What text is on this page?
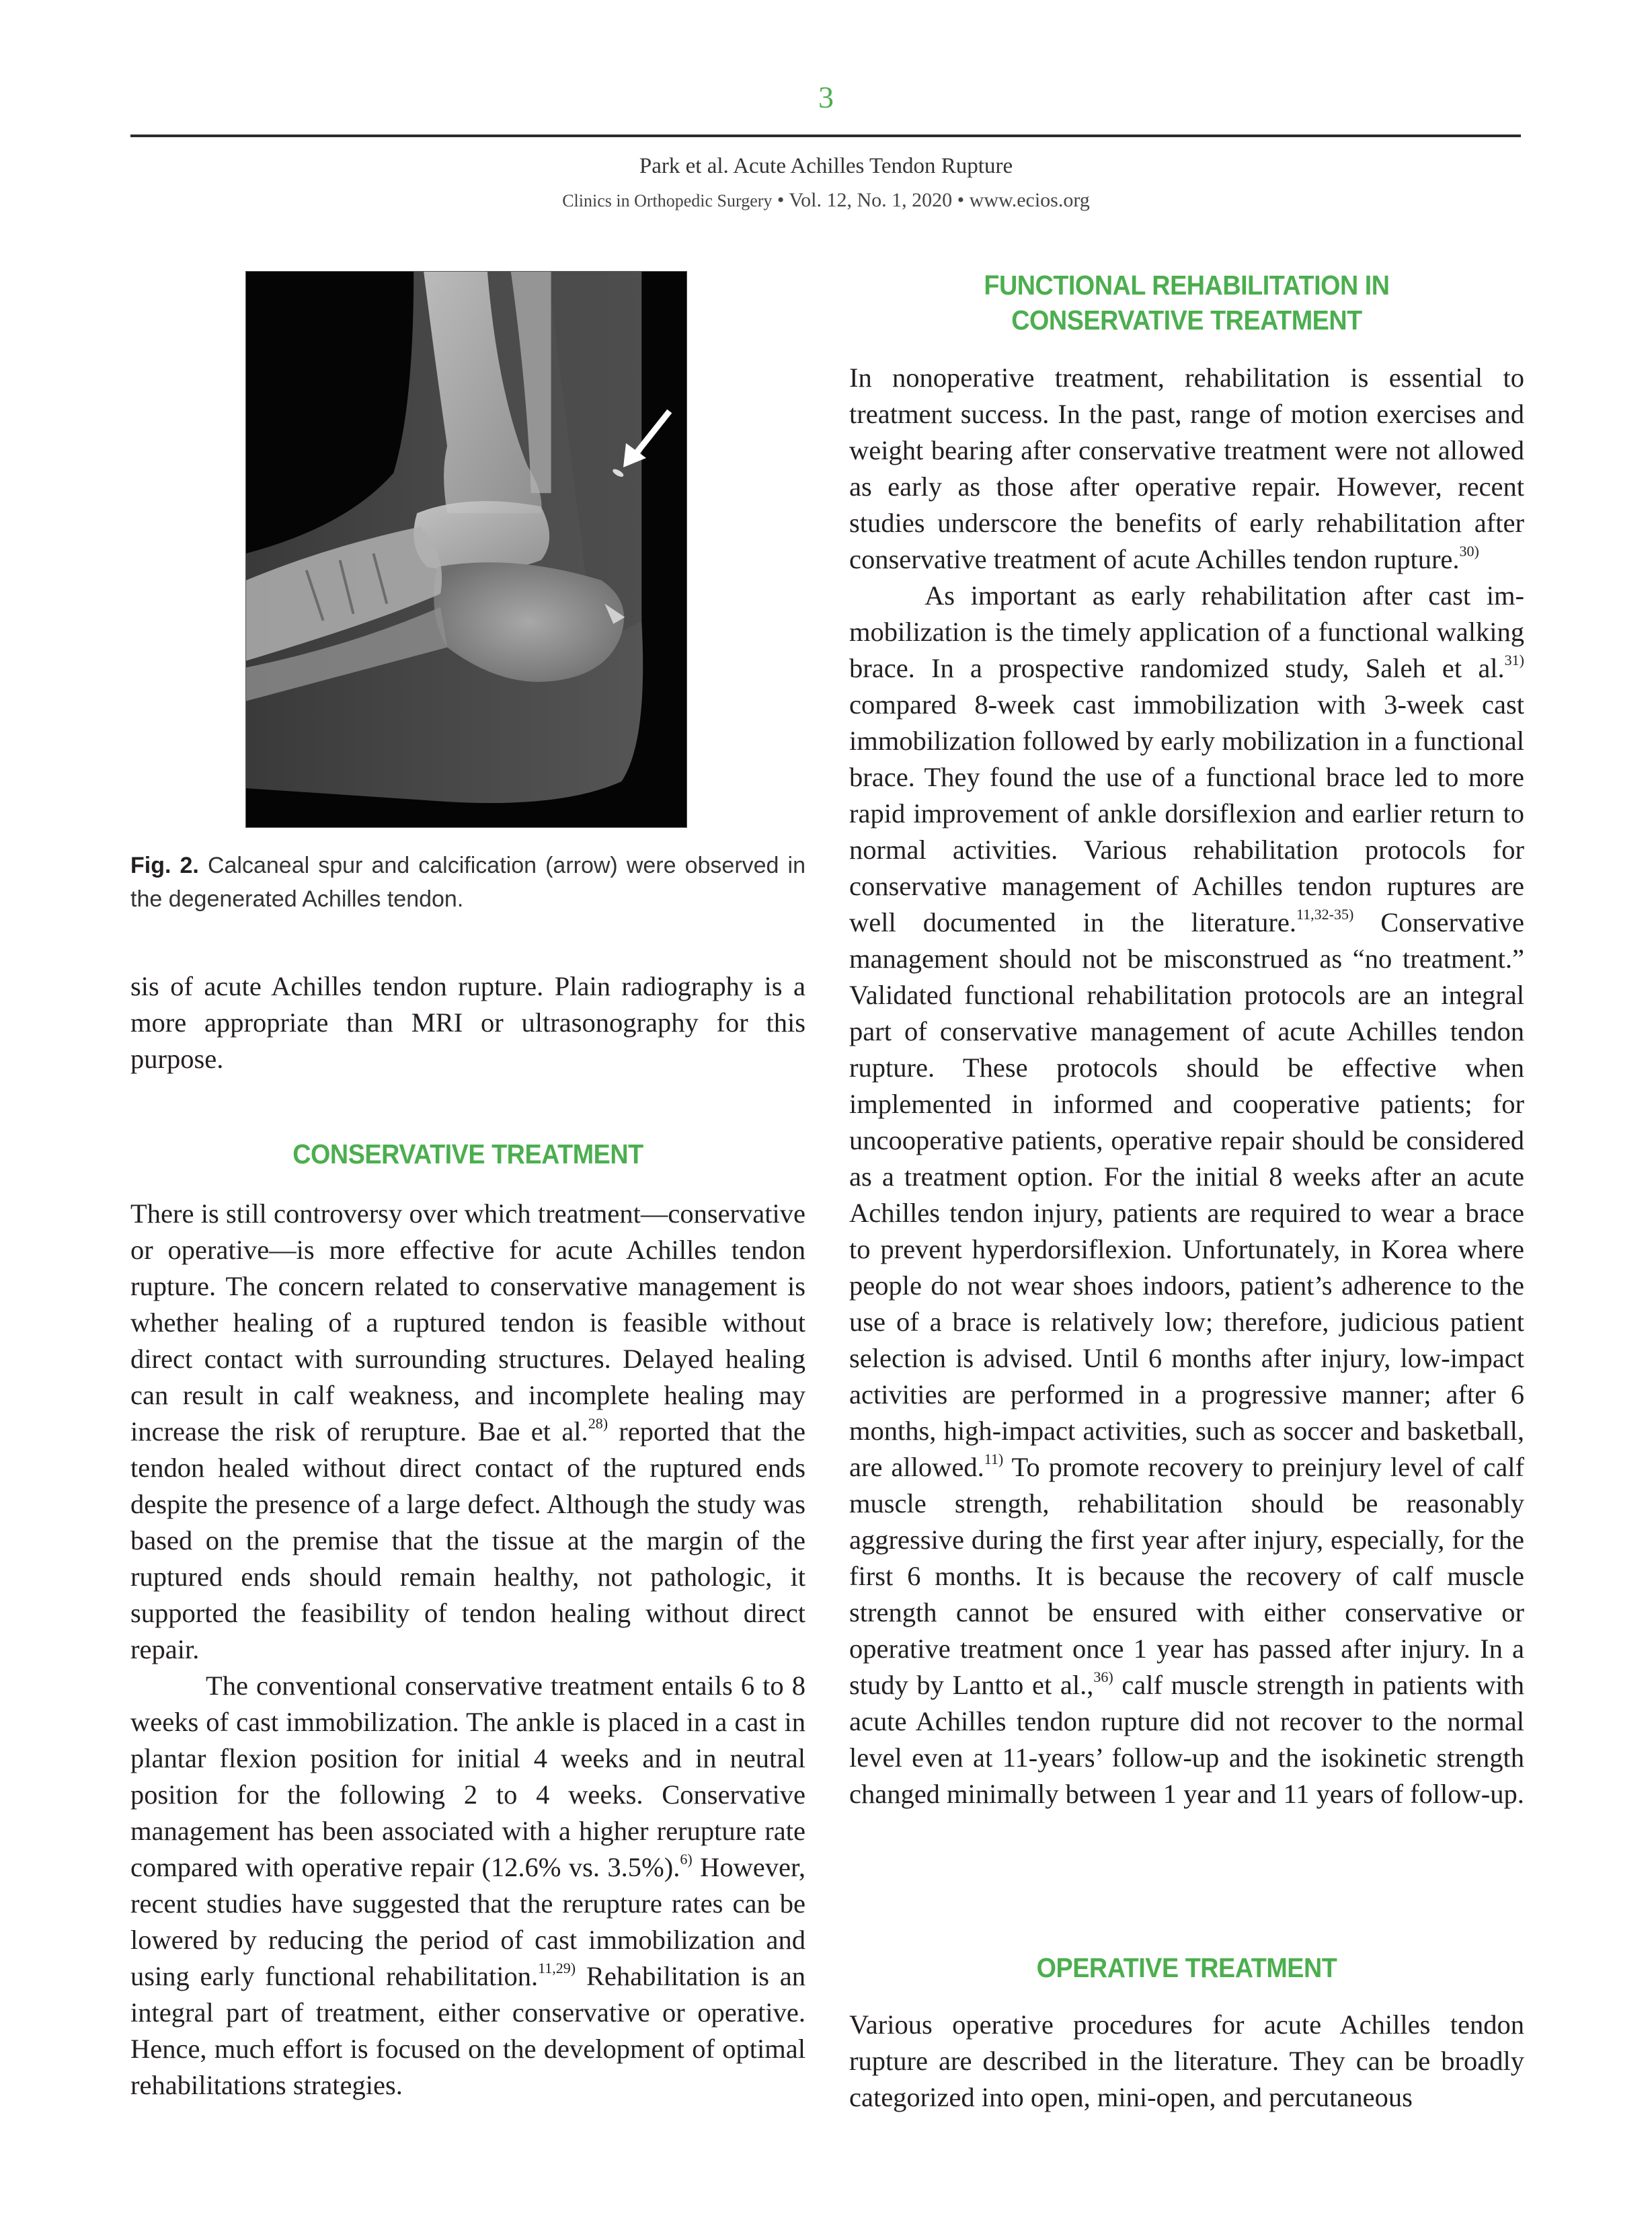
3
Park et al. Acute Achilles Tendon Rupture
Clinics in Orthopedic Surgery • Vol. 12, No. 1, 2020 • www.ecios.org
Fig. 2. Calcaneal spur and calcification (arrow) were observed in the degenerated Achilles tendon.

sis of acute Achilles tendon rupture. Plain radiography is a more appropriate than MRI or ultrasonography for this purpose.

CONSERVATIVE TREATMENT

There is still controversy over which treatment—conservative or operative—is more effective for acute Achilles tendon rupture. The concern related to conservative management is whether healing of a ruptured tendon is feasible without direct contact with surrounding structures. Delayed healing can result in calf weakness, and incomplete healing may increase the risk of rerupture. Bae et al.$^{28)}$ reported that the tendon healed without direct contact of the ruptured ends despite the presence of a large defect. Although the study was based on the premise that the tissue at the margin of the ruptured ends should remain healthy, not pathologic, it supported the feasibility of tendon healing without direct repair.

The conventional conservative treatment entails 6 to 8 weeks of cast immobilization. The ankle is placed in a cast in plantar flexion position for initial 4 weeks and in neutral position for the following 2 to 4 weeks. Conservative management has been associated with a higher rerupture rate compared with operative repair (12.6% vs. 3.5%).$^{6)}$ However, recent studies have suggested that the rerupture rates can be lowered by reducing the period of cast immobilization and using early functional rehabilitation.$^{11,29)}$ Rehabilitation is an integral part of treatment, either conservative or operative. Hence, much effort is focused on the development of optimal rehabilitations strategies.

FUNCTIONAL REHABILITATION IN
CONSERVATIVE TREATMENT

In nonoperative treatment, rehabilitation is essential to treatment success. In the past, range of motion exercises and weight bearing after conservative treatment were not allowed as early as those after operative repair. However, recent studies underscore the benefits of early rehabilitation after conservative treatment of acute Achilles tendon rupture.$^{30)}$

As important as early rehabilitation after cast immobilization is the timely application of a functional walking brace. In a prospective randomized study, Saleh et al.$^{31)}$ compared 8-week cast immobilization with 3-week cast immobilization followed by early mobilization in a functional brace. They found the use of a functional brace led to more rapid improvement of ankle dorsiflexion and earlier return to normal activities. Various rehabilitation protocols for conservative management of Achilles tendon ruptures are well documented in the literature.$^{11,32-35)}$ Conservative management should not be misconstrued as “no treatment.” Validated functional rehabilitation protocols are an integral part of conservative management of acute Achilles tendon rupture. These protocols should be effective when implemented in informed and cooperative patients; for uncooperative patients, operative repair should be considered as a treatment option. For the initial 8 weeks after an acute Achilles tendon injury, patients are required to wear a brace to prevent hyperdorsiflexion. Unfortunately, in Korea where people do not wear shoes indoors, patient’s adherence to the use of a brace is relatively low; therefore, judicious patient selection is advised. Until 6 months after injury, low-impact activities are performed in a progressive manner; after 6 months, high-impact activities, such as soccer and basketball, are allowed.$^{11)}$ To promote recovery to preinjury level of calf muscle strength, rehabilitation should be reasonably aggressive during the first year after injury, especially, for the first 6 months. It is because the recovery of calf muscle strength cannot be ensured with either conservative or operative treatment once 1 year has passed after injury. In a study by Lantto et al.,$^{36)}$ calf muscle strength in patients with acute Achilles tendon rupture did not recover to the normal level even at 11-years’ follow-up and the isokinetic strength changed minimally between 1 year and 11 years of follow-up.

OPERATIVE TREATMENT

Various operative procedures for acute Achilles tendon rupture are described in the literature. They can be broadly categorized into open, mini-open, and percutaneous
